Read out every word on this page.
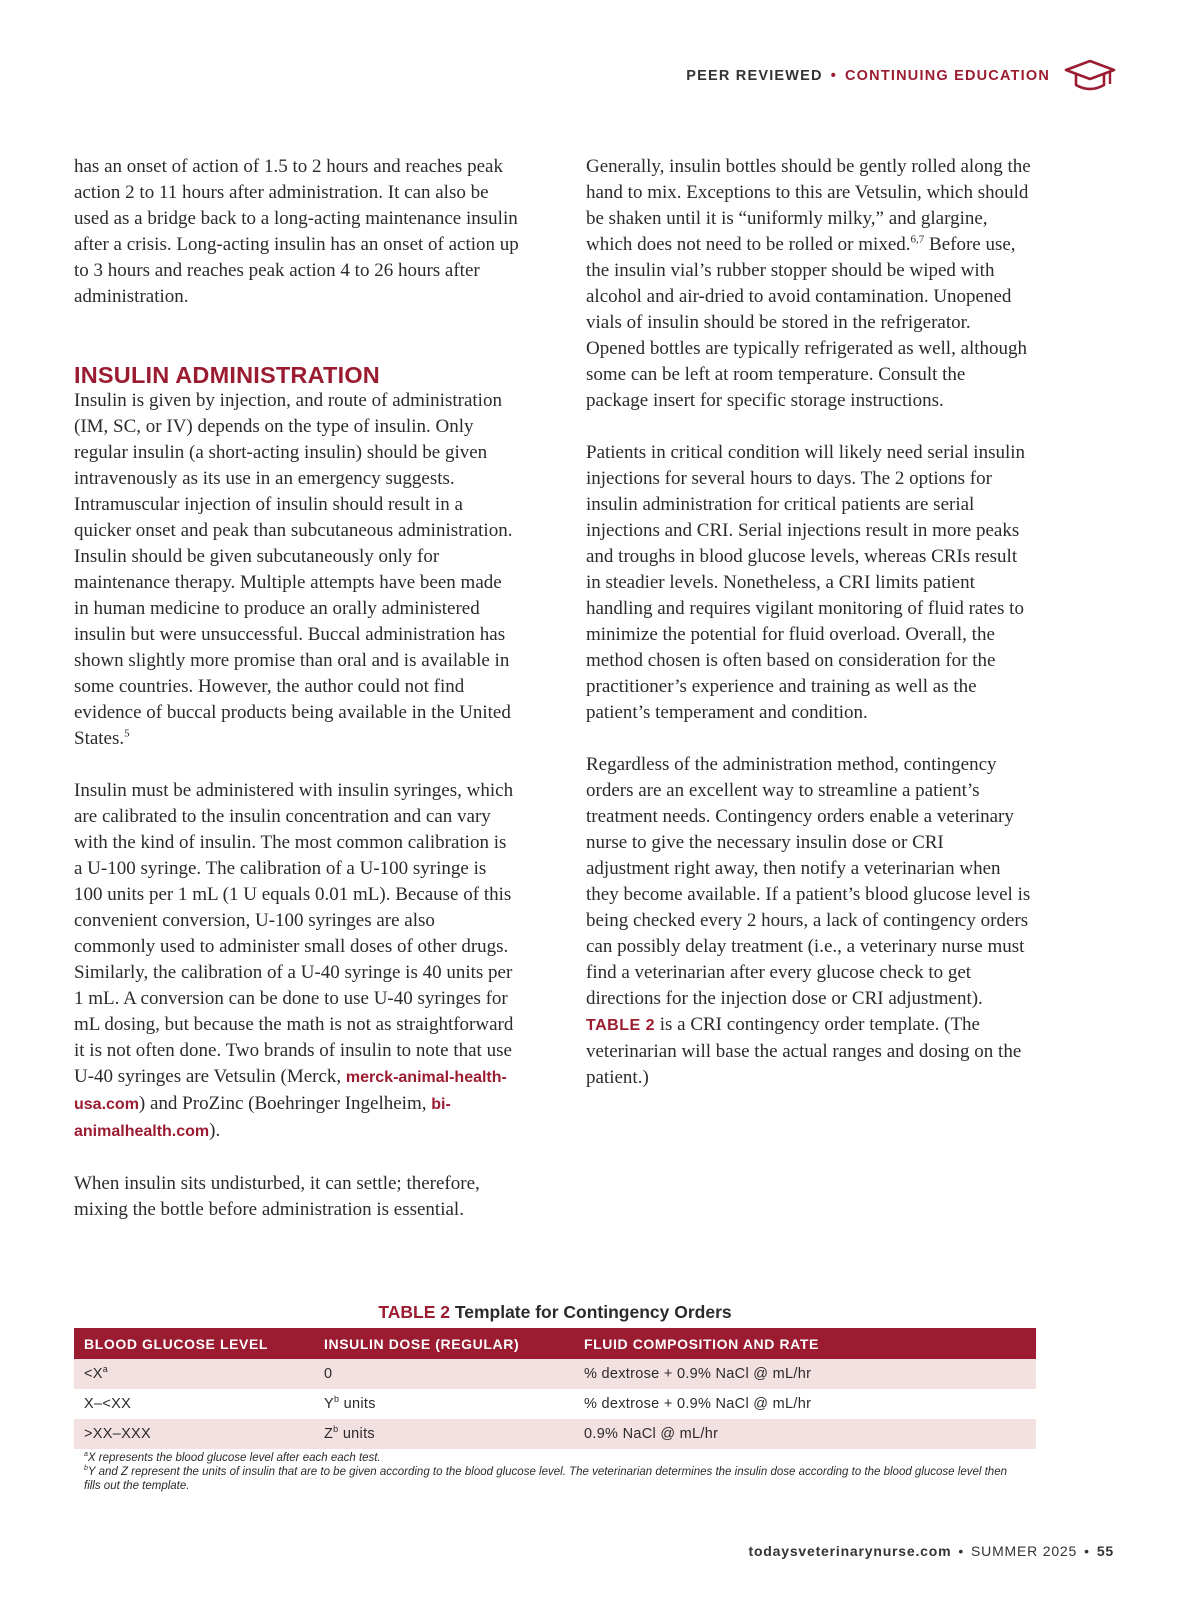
PEER REVIEWED • CONTINUING EDUCATION

has an onset of action of 1.5 to 2 hours and reaches peak action 2 to 11 hours after administration. It can also be used as a bridge back to a long-acting maintenance insulin after a crisis. Long-acting insulin has an onset of action up to 3 hours and reaches peak action 4 to 26 hours after administration.

INSULIN ADMINISTRATION

Insulin is given by injection, and route of administration (IM, SC, or IV) depends on the type of insulin. Only regular insulin (a short-acting insulin) should be given intravenously as its use in an emergency suggests. Intramuscular injection of insulin should result in a quicker onset and peak than subcutaneous administration. Insulin should be given subcutaneously only for maintenance therapy. Multiple attempts have been made in human medicine to produce an orally administered insulin but were unsuccessful. Buccal administration has shown slightly more promise than oral and is available in some countries. However, the author could not find evidence of buccal products being available in the United States.$^5$

Insulin must be administered with insulin syringes, which are calibrated to the insulin concentration and can vary with the kind of insulin. The most common calibration is a U-100 syringe. The calibration of a U-100 syringe is 100 units per 1 mL (1 U equals 0.01 mL). Because of this convenient conversion, U-100 syringes are also commonly used to administer small doses of other drugs. Similarly, the calibration of a U-40 syringe is 40 units per 1 mL. A conversion can be done to use U-40 syringes for mL dosing, but because the math is not as straightforward it is not often done. Two brands of insulin to note that use U-40 syringes are Vetsulin (Merck, merck-animal-health-usa.com) and ProZinc (Boehringer Ingelheim, bi-animalhealth.com).

When insulin sits undisturbed, it can settle; therefore, mixing the bottle before administration is essential.

Generally, insulin bottles should be gently rolled along the hand to mix. Exceptions to this are Vetsulin, which should be shaken until it is “uniformly milky,” and glargine, which does not need to be rolled or mixed.$^{6,7}$ Before use, the insulin vial’s rubber stopper should be wiped with alcohol and air-dried to avoid contamination. Unopened vials of insulin should be stored in the refrigerator. Opened bottles are typically refrigerated as well, although some can be left at room temperature. Consult the package insert for specific storage instructions.

Patients in critical condition will likely need serial insulin injections for several hours to days. The 2 options for insulin administration for critical patients are serial injections and CRI. Serial injections result in more peaks and troughs in blood glucose levels, whereas CRIs result in steadier levels. Nonetheless, a CRI limits patient handling and requires vigilant monitoring of fluid rates to minimize the potential for fluid overload. Overall, the method chosen is often based on consideration for the practitioner’s experience and training as well as the patient’s temperament and condition.

Regardless of the administration method, contingency orders are an excellent way to streamline a patient’s treatment needs. Contingency orders enable a veterinary nurse to give the necessary insulin dose or CRI adjustment right away, then notify a veterinarian when they become available. If a patient’s blood glucose level is being checked every 2 hours, a lack of contingency orders can possibly delay treatment (i.e., a veterinary nurse must find a veterinarian after every glucose check to get directions for the injection dose or CRI adjustment). TABLE 2 is a CRI contingency order template. (The veterinarian will base the actual ranges and dosing on the patient.)

TABLE 2 Template for Contingency Orders
BLOOD GLUCOSE LEVEL	INSULIN DOSE (REGULAR)	FLUID COMPOSITION AND RATE
$<X^a$	0	% dextrose + 0.9% NaCl @ mL/hr
X–<XX	$Y^b$ units	% dextrose + 0.9% NaCl @ mL/hr
>XX–XXX	$Z^b$ units	0.9% NaCl @ mL/hr

$^a$X represents the blood glucose level after each each test.

$^b$Y and Z represent the units of insulin that are to be given according to the blood glucose level. The veterinarian determines the insulin dose according to the blood glucose level then fills out the template.

todaysveterinarynurse.com • SUMMER 2025 • 55
